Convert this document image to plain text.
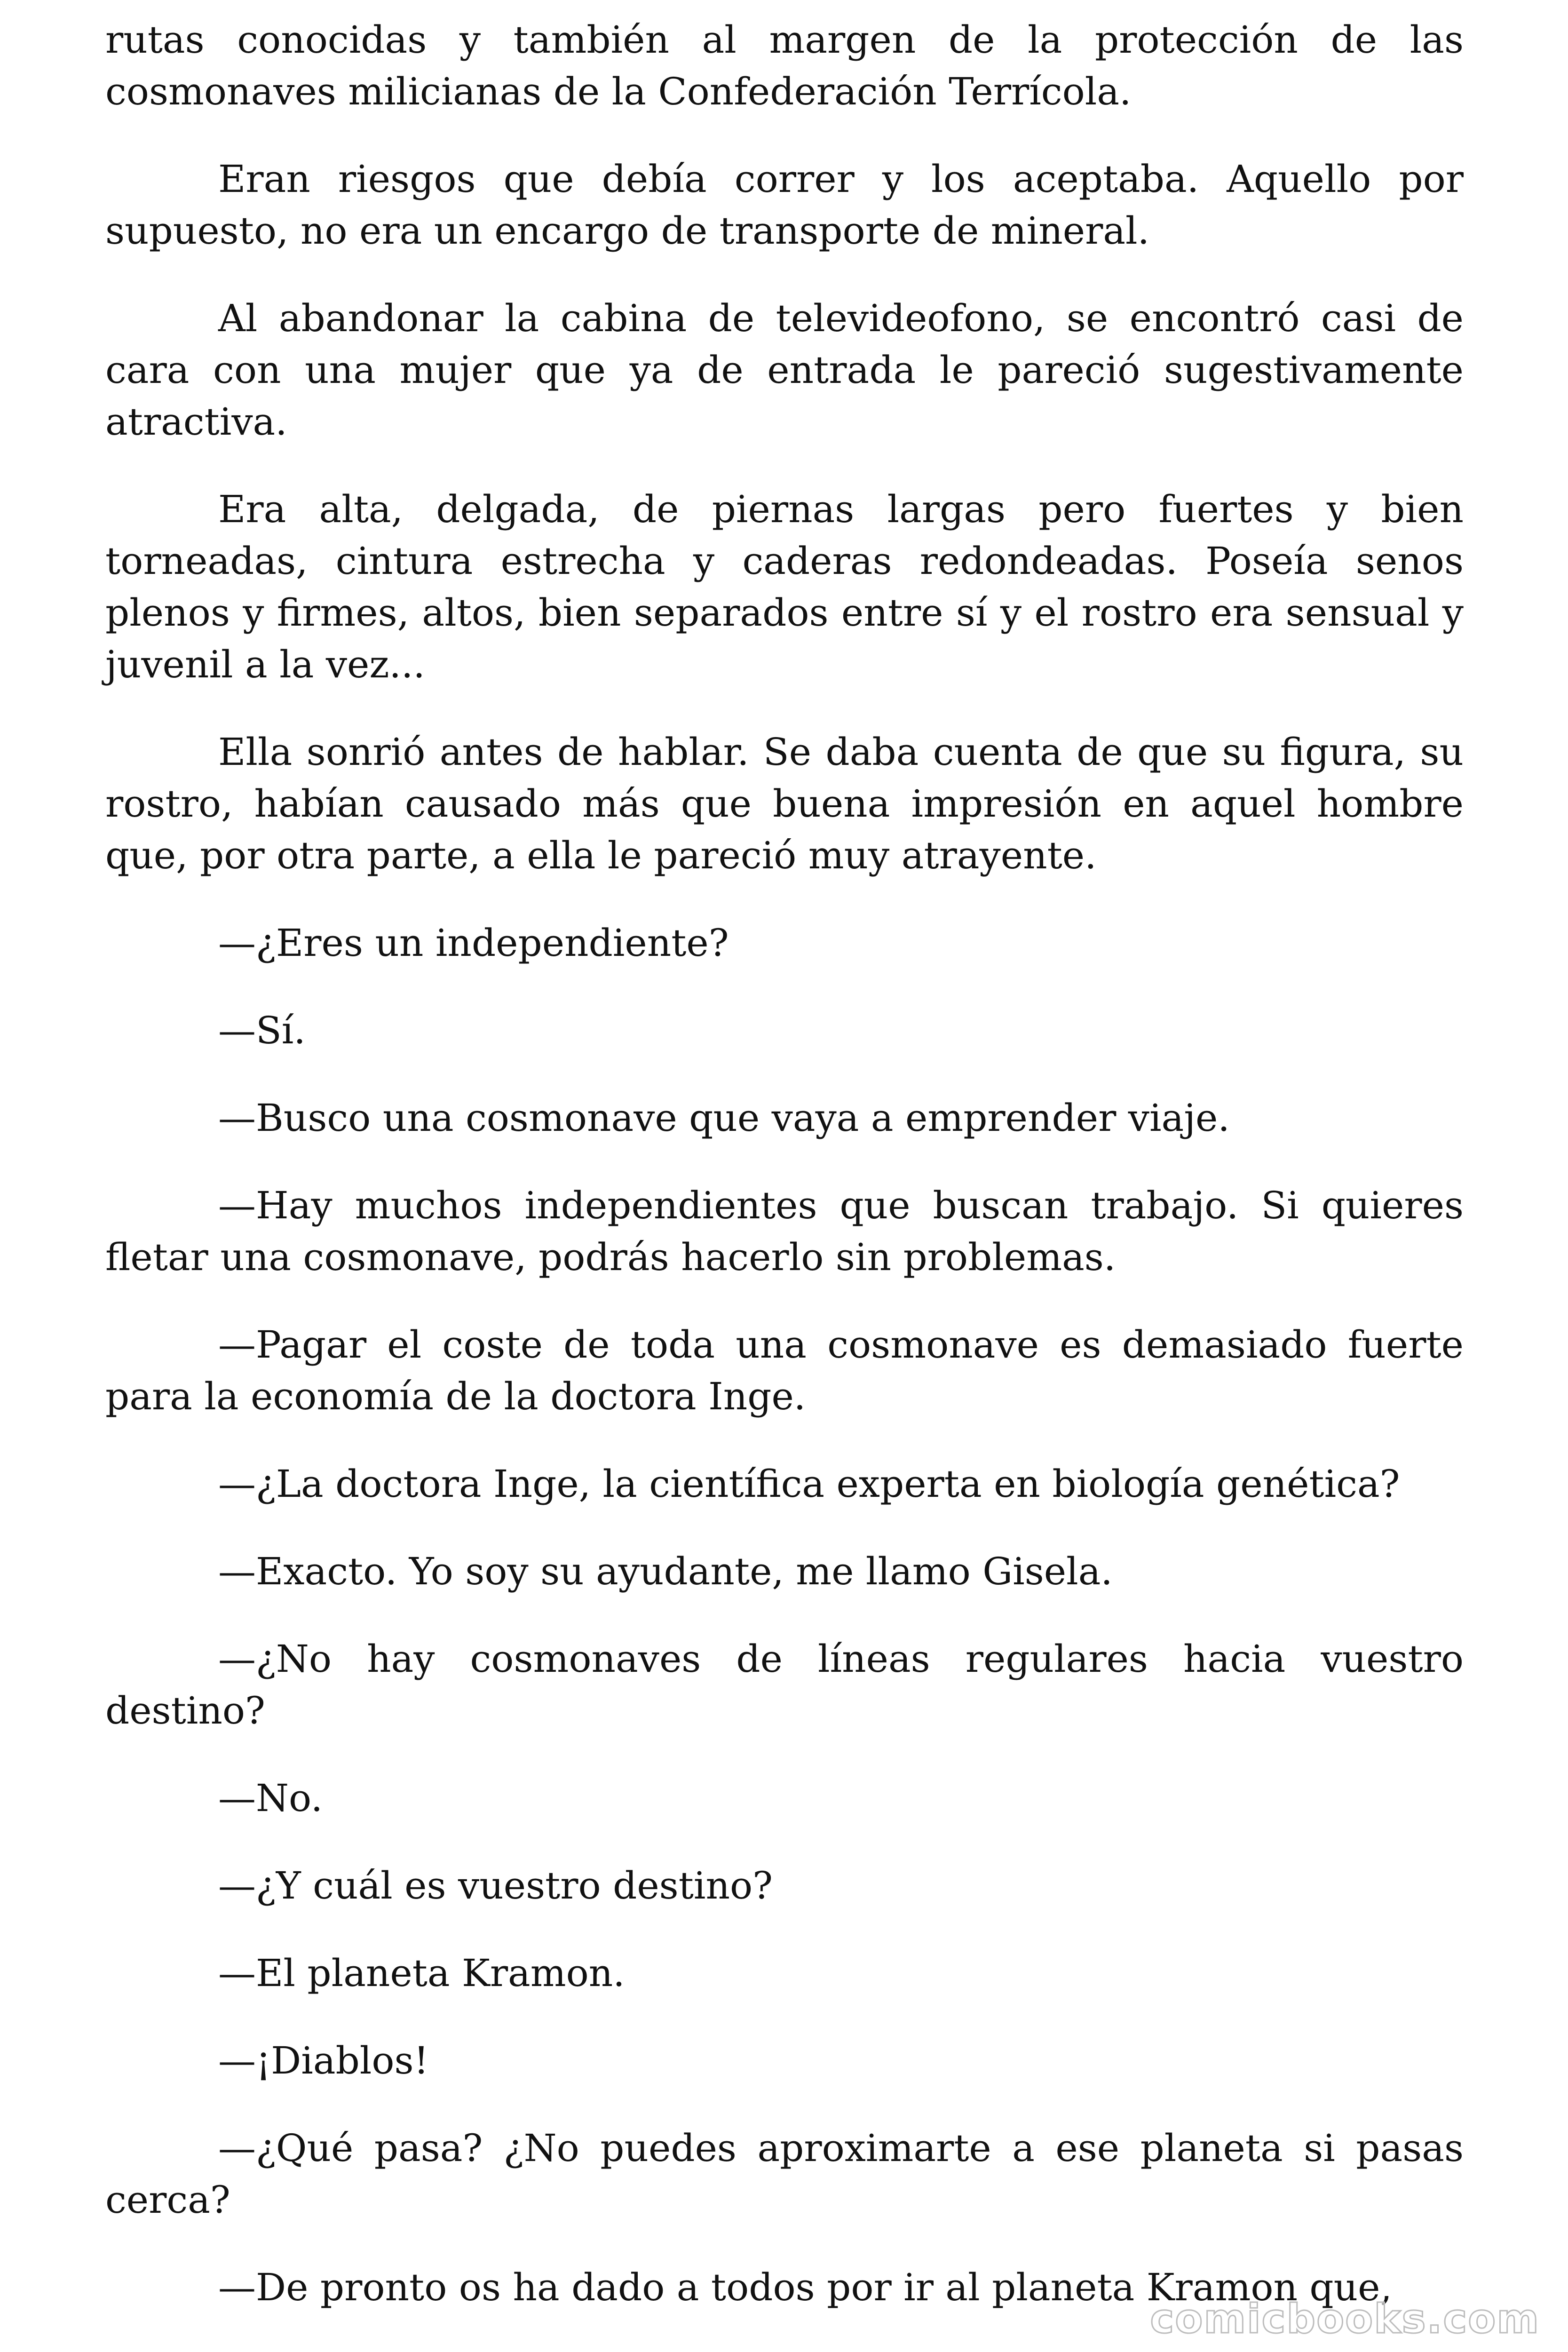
rutas conocidas y también al margen de la protección de las cosmonaves milicianas de la Confederación Terrícola.

Eran riesgos que debía correr y los aceptaba. Aquello por supuesto, no era un encargo de transporte de mineral.

Al abandonar la cabina de televideofono, se encontró casi de cara con una mujer que ya de entrada le pareció sugestivamente atractiva.

Era alta, delgada, de piernas largas pero fuertes y bien torneadas, cintura estrecha y caderas redondeadas. Poseía senos plenos y firmes, altos, bien separados entre sí y el rostro era sensual y juvenil a la vez...

Ella sonrió antes de hablar. Se daba cuenta de que su figura, su rostro, habían causado más que buena impresión en aquel hombre que, por otra parte, a ella le pareció muy atrayente.

—¿Eres un independiente?

—Sí.

—Busco una cosmonave que vaya a emprender viaje.

—Hay muchos independientes que buscan trabajo. Si quieres fletar una cosmonave, podrás hacerlo sin problemas.

—Pagar el coste de toda una cosmonave es demasiado fuerte para la economía de la doctora Inge.

—¿La doctora Inge, la científica experta en biología genética?

—Exacto. Yo soy su ayudante, me llamo Gisela.

—¿No hay cosmonaves de líneas regulares hacia vuestro destino?

—No.

—¿Y cuál es vuestro destino?

—El planeta Kramon.

—¡Diablos!

—¿Qué pasa? ¿No puedes aproximarte a ese planeta si pasas cerca?

—De pronto os ha dado a todos por ir al planeta Kramon que,

comicbooks.com
